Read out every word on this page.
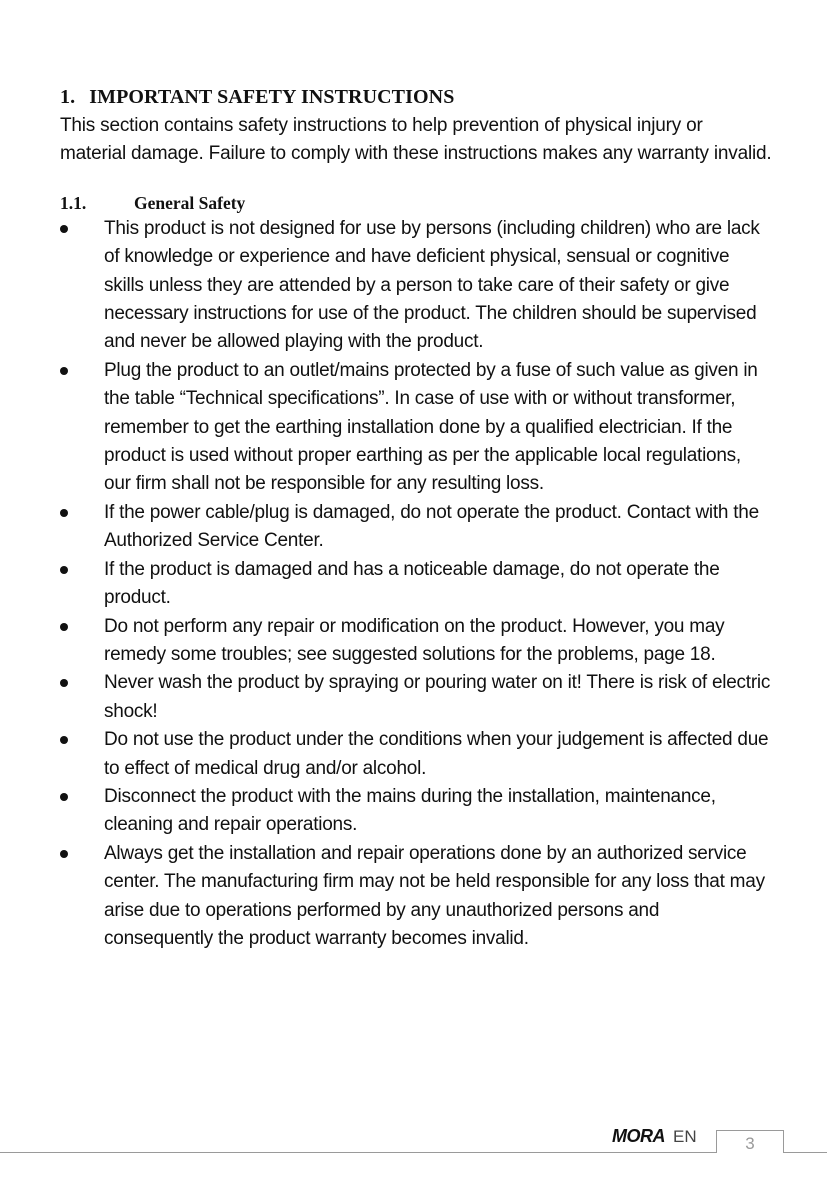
1. IMPORTANT SAFETY INSTRUCTIONS

This section contains safety instructions to help prevention of physical injury or material damage. Failure to comply with these instructions makes any warranty invalid.

1.1.	General Safety
This product is not designed for use by persons (including children) who are lack of knowledge or experience and have deficient physical, sensual or cognitive skills unless they are attended by a person to take care of their safety or give necessary instructions for use of the product. The children should be supervised and never be allowed playing with the product.
Plug the product to an outlet/mains protected by a fuse of such value as given in the table “Technical specifications”. In case of use with or without transformer, remember to get the earthing installation done by a qualified electrician. If the product is used without proper earthing as per the applicable local regulations, our firm shall not be responsible for any resulting loss.
If the power cable/plug is damaged, do not operate the product. Contact with the Authorized Service Center.
If the product is damaged and has a noticeable damage, do not operate the product.
Do not perform any repair or modification on the product. However, you may remedy some troubles; see suggested solutions for the problems, page 18.
Never wash the product by spraying or pouring water on it! There is risk of electric shock!
Do not use the product under the conditions when your judgement is affected due to effect of medical drug and/or alcohol.
Disconnect the product with the mains during the installation, maintenance, cleaning and repair operations.
Always get the installation and repair operations done by an authorized service center. The manufacturing firm may not be held responsible for any loss that may arise due to operations performed by any unauthorized persons and consequently the product warranty becomes invalid.
MORA EN	3
